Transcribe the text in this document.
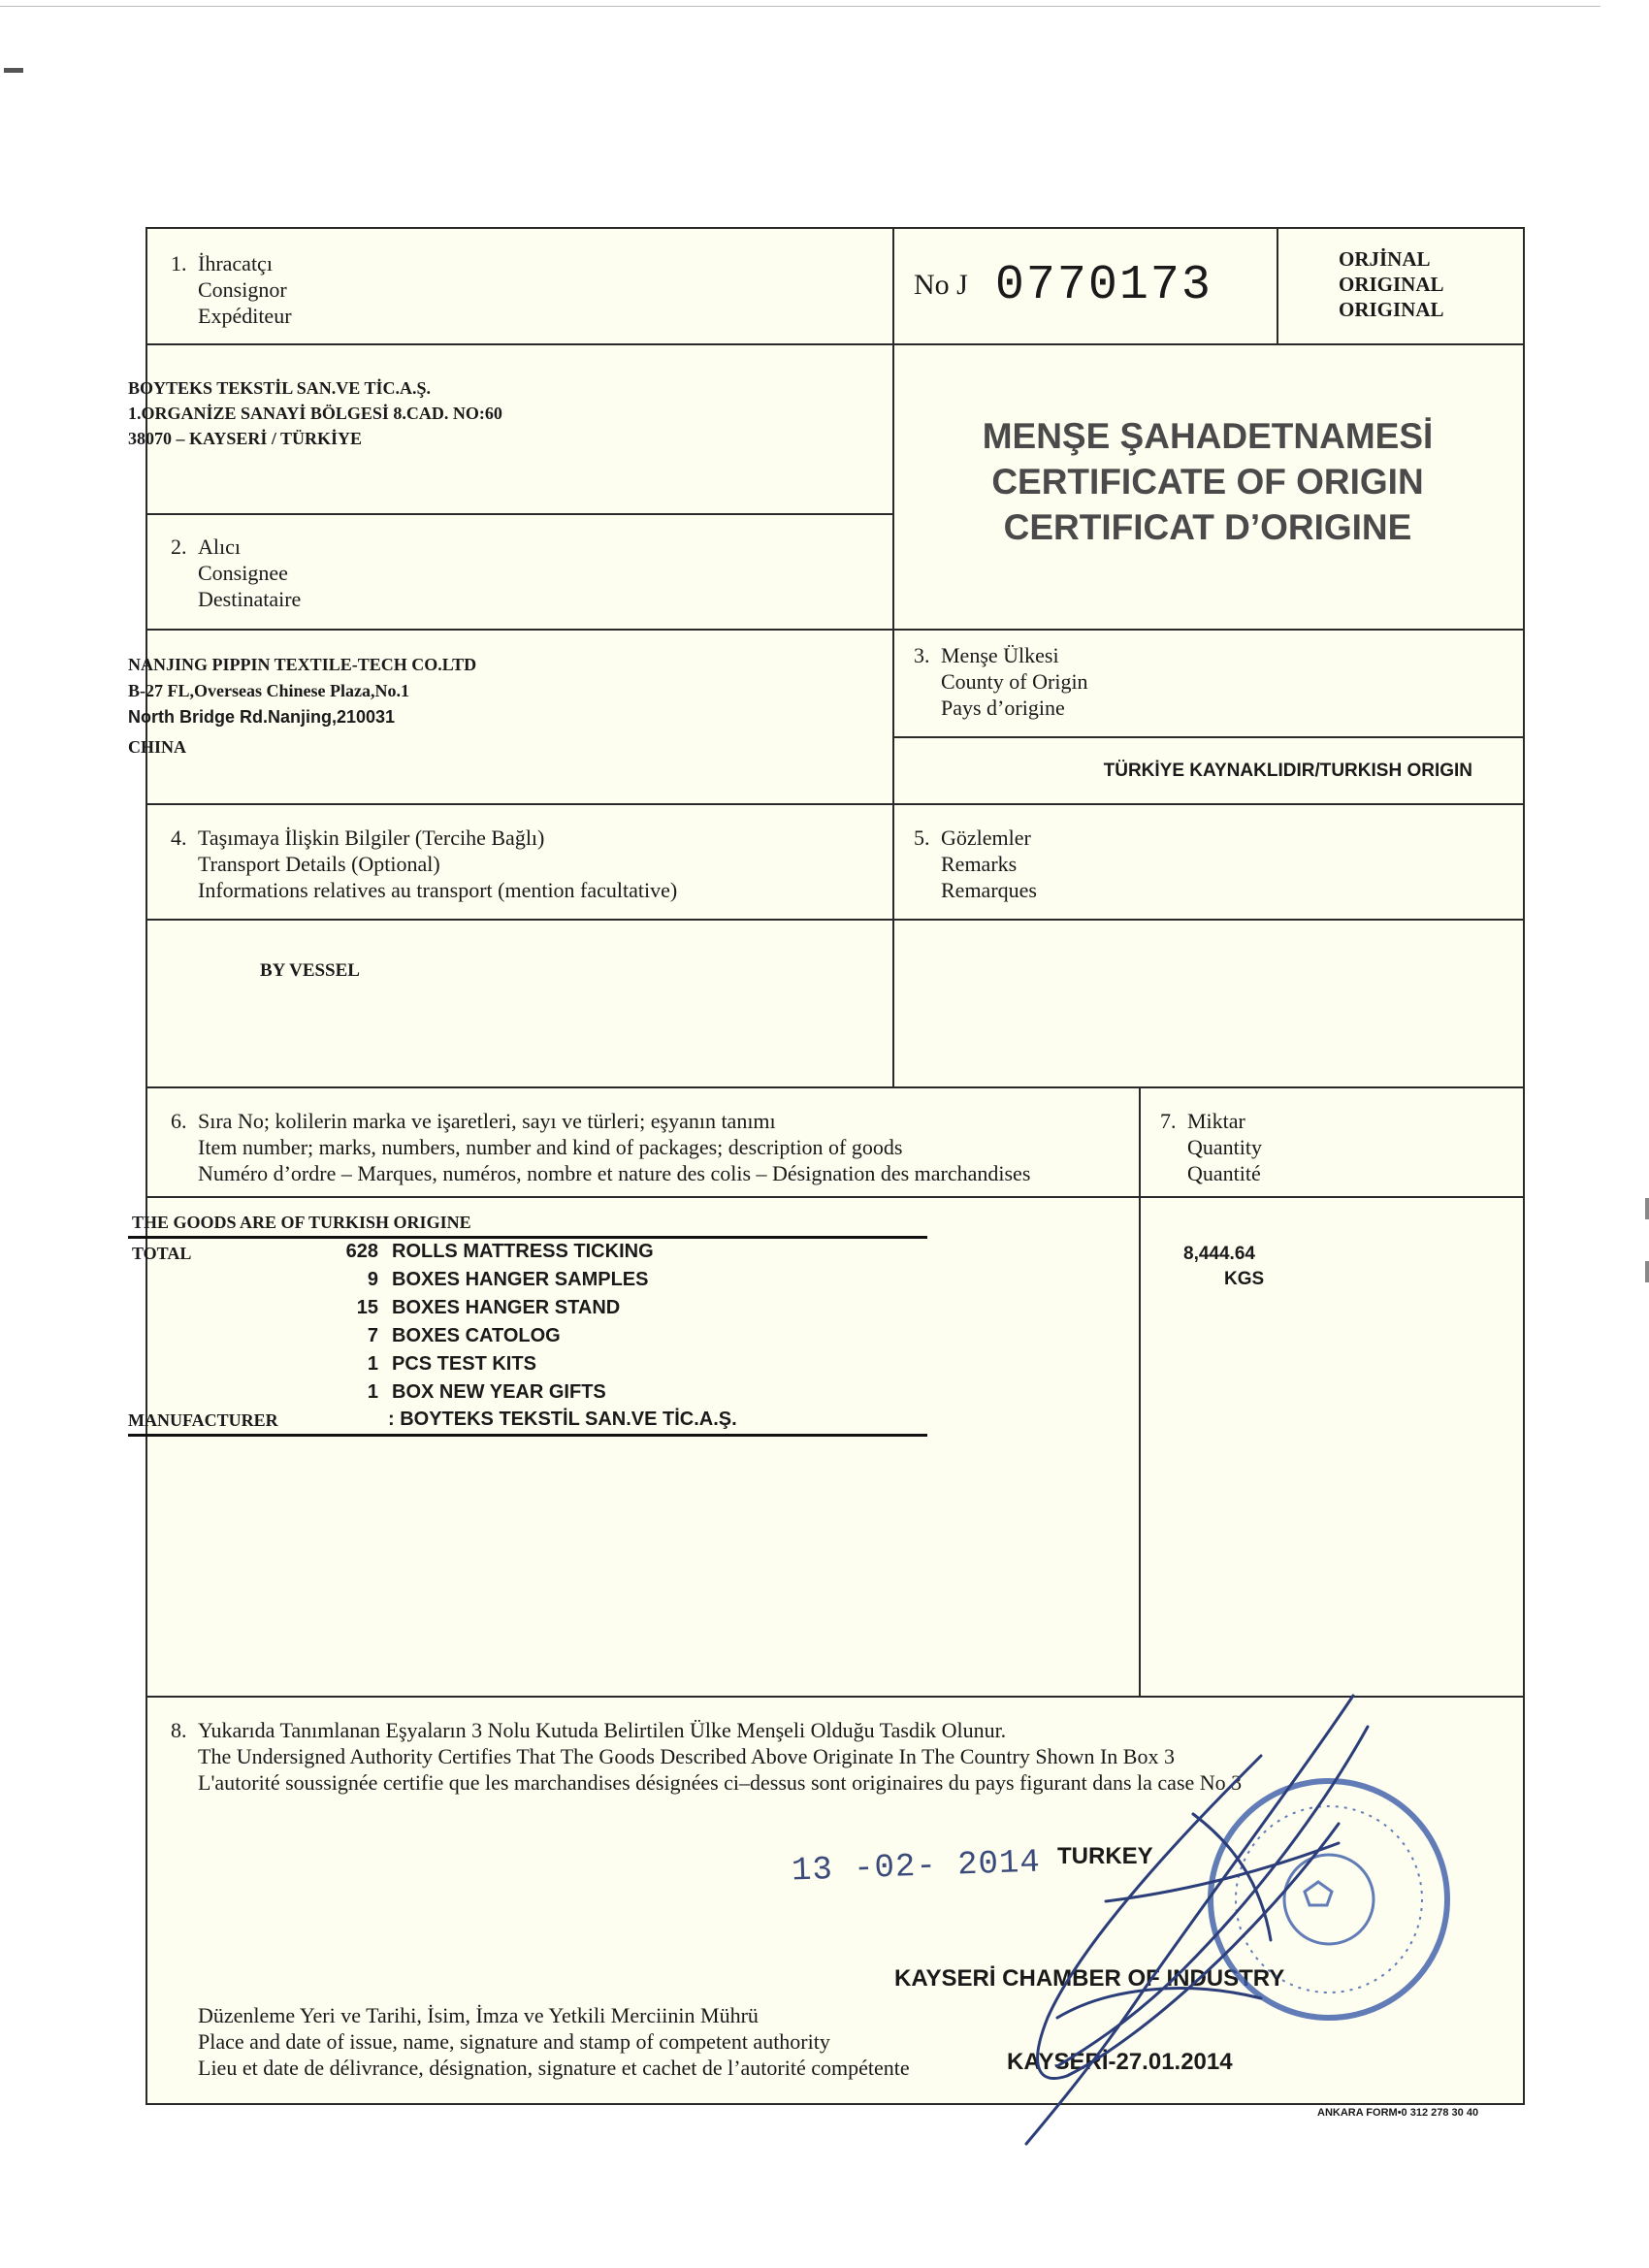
1. İhracatçı
Consignor
Expéditeur
No J 0770173	ORJİNAL
ORIGINAL
ORIGINAL
MENŞE ŞAHADETNAMESİ
CERTIFICATE OF ORIGIN
CERTIFICAT D’ORIGINE
2. Alıcı
Consignee
Destinataire
3. Menşe Ülkesi
County of Origin
Pays d’origine
TÜRKİYE KAYNAKLIDIR/TURKISH ORIGIN
4. Taşımaya İlişkin Bilgiler (Tercihe Bağlı)
Transport Details (Optional)
Informations relatives au transport (mention facultative)
BY VESSEL
5. Gözlemler
Remarks
Remarques
6. Sıra No; kolilerin marka ve işaretleri, sayı ve türleri; eşyanın tanımı
Item number; marks, numbers, number and kind of packages; description of goods
Numéro d’ordre – Marques, numéros, nombre et nature des colis – Désignation des marchandises
7. Miktar
Quantity
Quantité
8,444.64
KGS
8. Yukarıda Tanımlanan Eşyaların 3 Nolu Kutuda Belirtilen Ülke Menşeli Olduğu Tasdik Olunur.
The Undersigned Authority Certifies That The Goods Described Above Originate In The Country Shown In Box 3
L'autorité soussignée certifie que les marchandises désignées ci–dessus sont originaires du pays figurant dans la case No 3
13 -02- 2014 TURKEY
KAYSERİ CHAMBER OF INDUSTRY
Düzenleme Yeri ve Tarihi, İsim, İmza ve Yetkili Merciinin Mührü
Place and date of issue, name, signature and stamp of competent authority
Lieu et date de délivrance, désignation, signature et cachet de l’autorité compétente	KAYSERİ-27.01.2014
BOYTEKS TEKSTİL SAN.VE TİC.A.Ş.
1.ORGANİZE SANAYİ BÖLGESİ 8.CAD. NO:60
38070 – KAYSERİ / TÜRKİYE
NANJING PIPPIN TEXTILE-TECH CO.LTD
B-27 FL,Overseas Chinese Plaza,No.1
North Bridge Rd.Nanjing,210031
CHINA
THE GOODS ARE OF TURKISH ORIGINE
TOTAL	628 ROLLS MATTRESS TICKING
9 BOXES HANGER SAMPLES
15 BOXES HANGER STAND
7 BOXES CATOLOG
1 PCS TEST KITS
1 BOX NEW YEAR GIFTS
MANUFACTURER	: BOYTEKS TEKSTİL SAN.VE TİC.A.Ş.
ANKARA FORM•0 312 278 30 40
